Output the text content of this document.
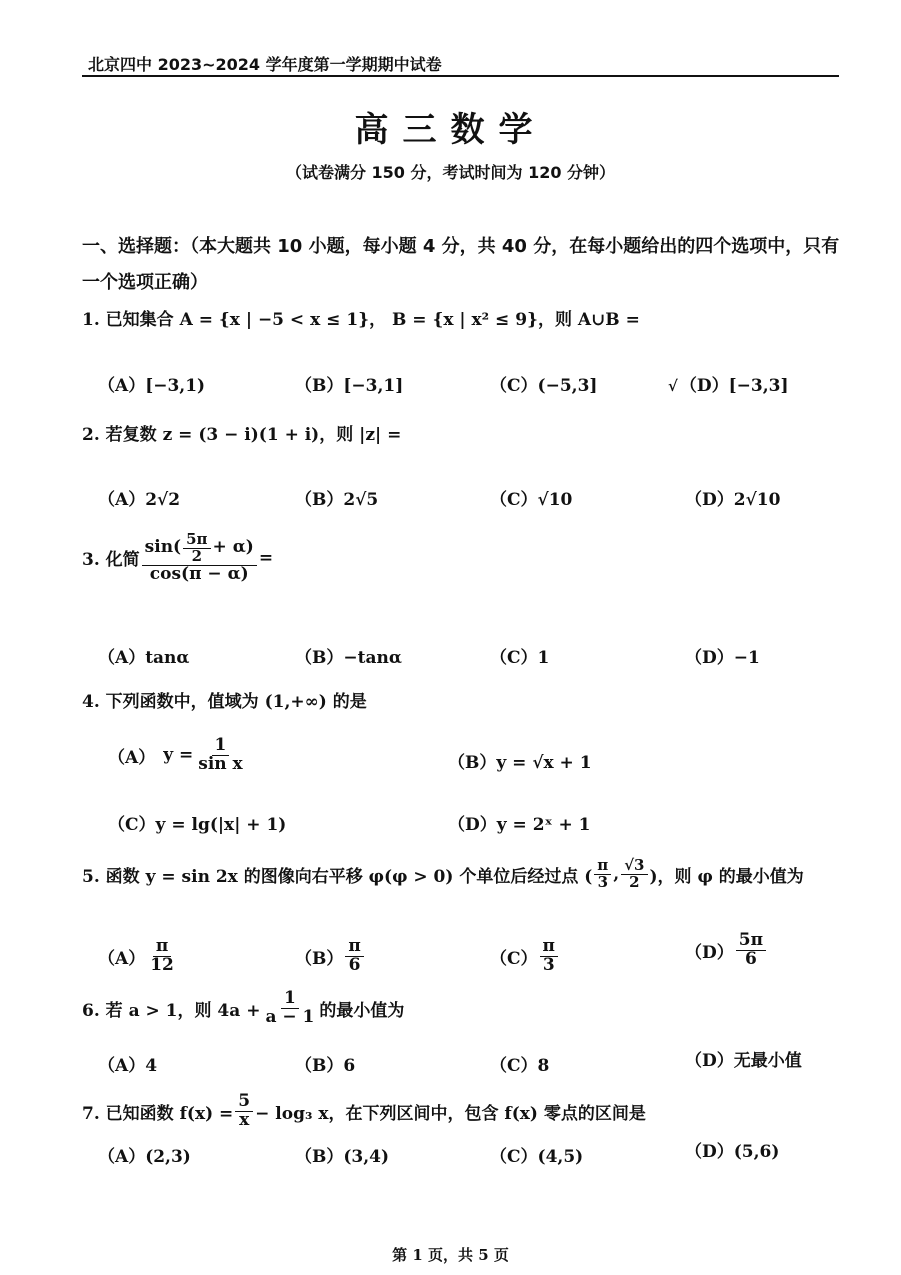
北京四中 2023~2024 学年度第一学期期中试卷
高三数学
（试卷满分 150 分，考试时间为 120 分钟）
一、选择题：（本大题共 10 小题，每小题 4 分，共 40 分，在每小题给出的四个选项中，只有
一个选项正确）
1. 已知集合 A = {x | −5 < x ≤ 1}， B = {x | x² ≤ 9}，则 A∪B =
（A）[−3,1)	（B）[−3,1]	（C）(−5,3]	√ （D）[−3,3]
2. 若复数 z = (3 − i)(1 + i)，则 |z| =
（A）2√2	（B）2√5	（C）√10	（D）2√10
3. 化简 $\frac{\sin( \frac{5\pi}{2} + \alpha)}{\cos(\pi - \alpha)}$ =
（A）tanα	（B）−tanα	（C）1	（D）−1
4. 下列函数中，值域为 (1,+∞) 的是
（A） $y = \frac{1}{\text{sin x}}$	（B）y = √x + 1
（C）y = lg(|x| + 1)	（D）y = 2ˣ + 1
5. 函数 y = sin 2x 的图像向右平移 φ(φ > 0) 个单位后经过点 ( $\frac{\pi}{3}$ , $\frac{√3}{2}$ )，则 φ 的最小值为
$(A) \frac{\pi}{12}$	$(B) \frac{\pi}{6}$	$(C) \frac{\pi}{3}$	$(D) \frac{5\pi}{6}$
6. 若 a > 1，则 $4a + \frac{1}{a - 1}$ 的最小值为
（A）4	（B）6	（C）8	（D）无最小值
7. 已知函数 $f(x) = \frac{5}{x} - \log_3$ x，在下列区间中，包含 f(x) 零点的区间是
（A）(2,3)	（B）(3,4)	（C）(4,5)	（D）(5,6)
第 1 页，共 5 页
